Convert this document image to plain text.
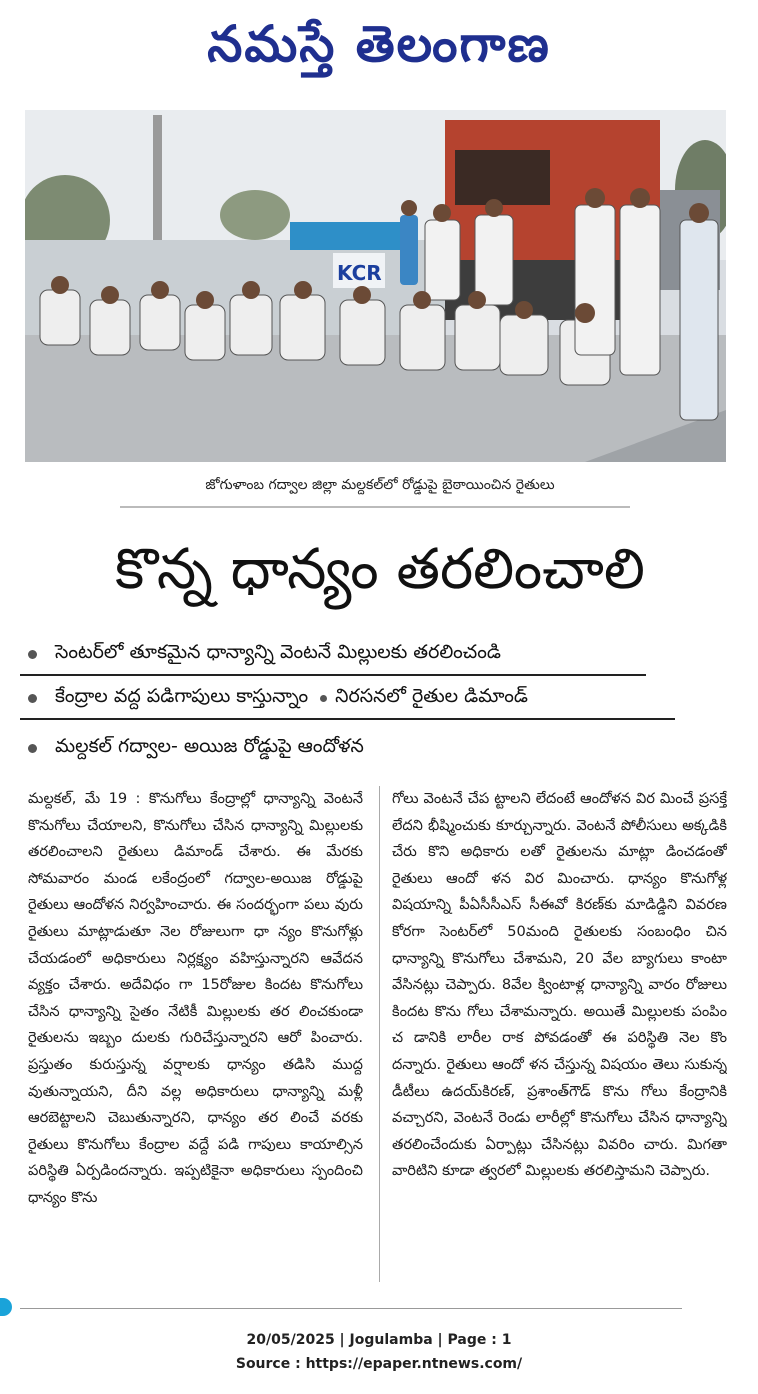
నమస్తే తెలంగాణ
KCR
జోగుళాంబ గద్వాల జిల్లా మల్దకల్‌లో రోడ్డుపై బైఠాయించిన రైతులు
కొన్న ధాన్యం తరలించాలి
సెంటర్‌లో తూకమైన ధాన్యాన్ని వెంటనే మిల్లులకు తరలించండి
కేంద్రాల వద్ద పడిగాపులు కాస్తున్నాం నిరసనలో రైతుల డిమాండ్
మల్దకల్ గద్వాల- అయిజ రోడ్డుపై ఆందోళన
మల్దకల్, మే 19 : కొనుగోలు కేంద్రాల్లో ధాన్యాన్ని వెంటనే కొనుగోలు చేయాలని, కొనుగోలు చేసిన ధాన్యాన్ని మిల్లులకు తరలించాలని రైతులు డిమాండ్ చేశారు. ఈ మేరకు సోమవారం మండ లకేంద్రంలో గద్వాల-అయిజ రోడ్డుపై రైతులు ఆందోళన నిర్వహించారు. ఈ సందర్భంగా పలు వురు రైతులు మాట్లాడుతూ నెల రోజులుగా ధా న్యం కొనుగోళ్లు చేయడంలో అధికారులు నిర్లక్ష్యం వహిస్తున్నారని ఆవేదన వ్యక్తం చేశారు. అదేవిధం గా 15రోజుల కిందట కొనుగోలు చేసిన ధాన్యాన్ని సైతం నేటికీ మిల్లులకు తర లించకుండా రైతులను ఇబ్బం దులకు గురిచేస్తున్నారని ఆరో పించారు. ప్రస్తుతం కురుస్తున్న వర్షాలకు ధాన్యం తడిసి ముద్ద వుతున్నాయని, దీని వల్ల అధికారులు ధాన్యాన్ని మళ్లీ ఆరబెట్టాలని చెబుతున్నారని, ధాన్యం తర లించే వరకు రైతులు కొనుగోలు కేంద్రాల వద్దే పడి గాపులు కాయాల్సిన పరిస్థితి ఏర్పడిందన్నారు. ఇప్పటికైనా అధికారులు స్పందించి ధాన్యం కొను
గోలు వెంటనే చేప ట్టాలని లేదంటే ఆందోళన విర మించే ప్రసక్తే లేదని భీష్మించుకు కూర్చున్నారు. వెంటనే పోలీసులు అక్కడికి చేరు కొని అధికారు లతో రైతులను మాట్లా డించడంతో రైతులు ఆందో ళన విర మించారు. ధాన్యం కొనుగోళ్ల విషయాన్ని పీఏసీసీఎస్ సీఈవో కిరణ్‌కు మాడిడ్డిని వివరణ కోరగా సెంటర్‌లో 50మంది రైతులకు సంబంధిం చిన ధాన్యాన్ని కొనుగోలు చేశామని, 20 వేల బ్యాగులు కాంటా వేసినట్లు చెప్పారు. 8వేల క్వింటాళ్ల ధాన్యాన్ని వారం రోజులు కిందట కొను గోలు చేశామన్నారు. అయితే మిల్లులకు పంపిం చ డానికి లారీల రాక పోవడంతో ఈ పరిస్థితి నెల కొం దన్నారు. రైతులు ఆందో ళన చేస్తున్న విషయం తెలు సుకున్న డీటీలు ఉదయ్‌కిరణ్, ప్రశాంత్‌గౌడ్ కొను గోలు కేంద్రానికి వచ్చారని, వెంటనే రెండు లారీల్లో కొనుగోలు చేసిన ధాన్యాన్ని తరలించేందుకు ఏర్పాట్లు చేసినట్లు వివరిం చారు. మిగతా వారిటిని కూడా త్వరలో మిల్లులకు తరలిస్తామని చెప్పారు.
20/05/2025 | Jogulamba | Page : 1
Source : https://epaper.ntnews.com/
